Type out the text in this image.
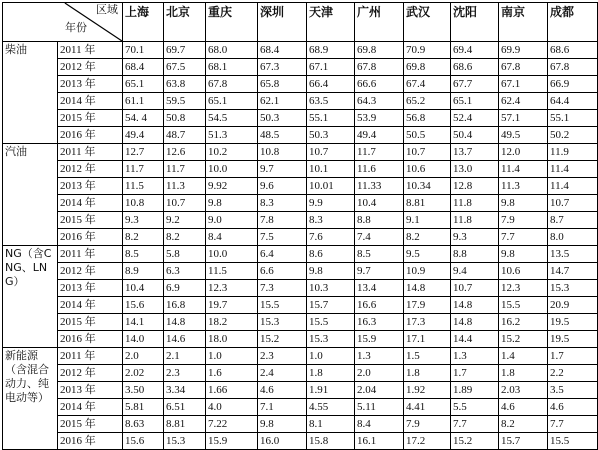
区域
年份		上海	北京	重庆	深圳	天津	广州	武汉	沈阳	南京	成都
柴油	2011 年	70.1	69.7	68.0	68.4	68.9	69.8	70.9	69.4	69.9	68.6
	2012 年	68.4	67.5	68.1	67.3	67.1	67.8	69.8	68.6	67.8	67.8
	2013 年	65.1	63.8	67.8	65.8	66.4	66.6	67.4	67.7	67.1	66.9
	2014 年	61.1	59.5	65.1	62.1	63.5	64.3	65.2	65.1	62.4	64.4
	2015 年	54. 4	50.8	54.5	50.3	55.1	53.9	56.8	52.4	57.1	55.1
	2016 年	49.4	48.7	51.3	48.5	50.3	49.4	50.5	50.4	49.5	50.2
汽油	2011 年	12.7	12.6	10.2	10.8	10.7	11.7	10.7	13.7	12.0	11.9
	2012 年	11.7	11.7	10.0	9.7	10.1	11.6	10.6	13.0	11.4	11.4
	2013 年	11.5	11.3	9.92	9.6	10.01	11.33	10.34	12.8	11.3	11.4
	2014 年	10.8	10.7	9.8	8.3	9.9	10.4	8.81	11.8	9.8	10.7
	2015 年	9.3	9.2	9.0	7.8	8.3	8.8	9.1	11.8	7.9	8.7
	2016 年	8.2	8.2	8.4	7.5	7.6	7.4	8.2	9.3	7.7	8.0
NG（含CNG、LNG）	2011 年	8.5	5.8	10.0	6.4	8.6	8.5	9.5	8.8	9.8	13.5
	2012 年	8.9	6.3	11.5	6.6	9.8	9.7	10.9	9.4	10.6	14.7
	2013 年	10.4	6.9	12.3	7.3	10.3	13.4	14.8	10.7	12.3	15.3
	2014 年	15.6	16.8	19.7	15.5	15.7	16.6	17.9	14.8	15.5	20.9
	2015 年	14.1	14.8	18.2	15.3	15.5	16.3	17.3	14.8	16.2	19.5
	2016 年	14.0	14.6	18.0	15.2	15.3	15.9	17.1	14.4	15.2	19.5
新能源（含混合动力、纯电动等）	2011 年	2.0	2.1	1.0	2.3	1.0	1.3	1.5	1.3	1.4	1.7
	2012 年	2.02	2.3	1.6	2.4	1.8	2.0	1.8	1.7	1.8	2.2
	2013 年	3.50	3.34	1.66	4.6	1.91	2.04	1.92	1.89	2.03	3.5
	2014 年	5.81	6.51	4.0	7.1	4.55	5.11	4.41	5.5	4.6	4.6
	2015 年	8.63	8.81	7.22	9.8	8.1	8.4	7.9	7.7	8.2	7.7
	2016 年	15.6	15.3	15.9	16.0	15.8	16.1	17.2	15.2	15.7	15.5
